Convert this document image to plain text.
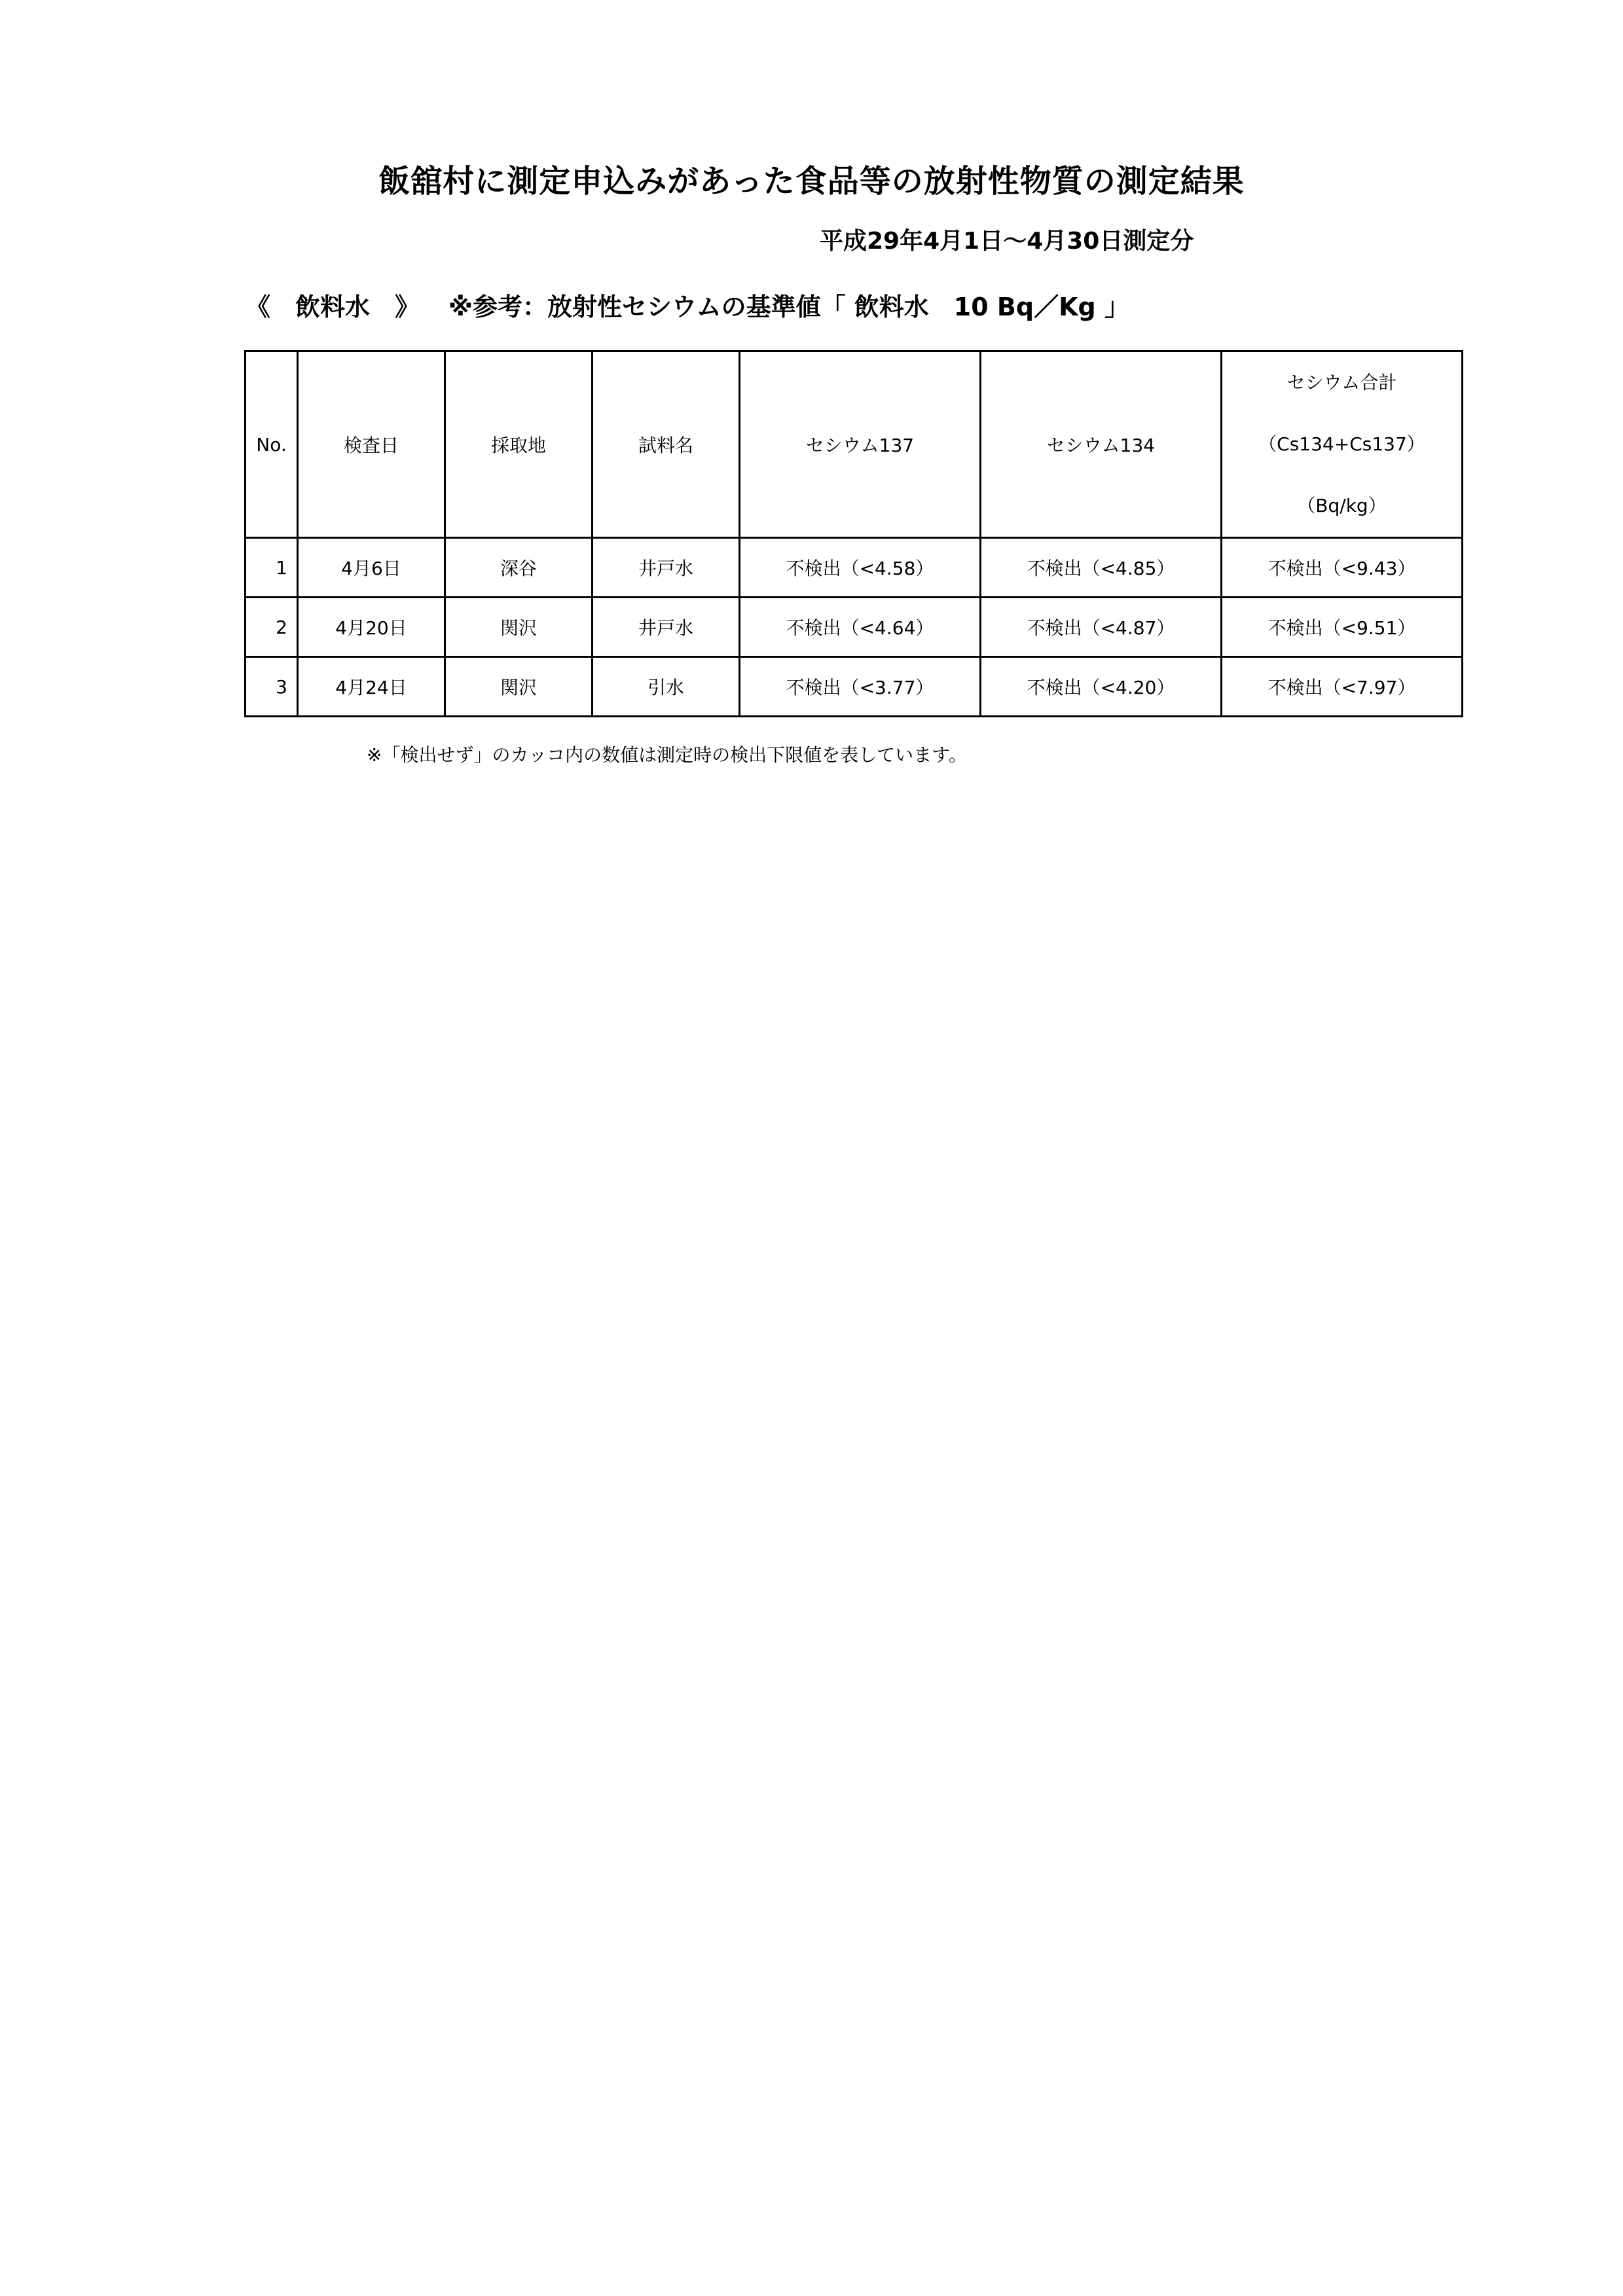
飯舘村に測定申込みがあった食品等の放射性物質の測定結果
平成29年4月1日～4月30日測定分
《　飲料水　》 ※参考：放射性セシウムの基準値「 飲料水　10 Bq／Kg 」
No.	検査日	採取地	試料名	セシウム137	セシウム134	セシウム合計
（Cs134+Cs137）
（Bq/kg）

1	4月6日	深谷	井戸水	不検出（<4.58）	不検出（<4.85）	不検出（<9.43）
2	4月20日	関沢	井戸水	不検出（<4.64）	不検出（<4.87）	不検出（<9.51）
3	4月24日	関沢	引水	不検出（<3.77）	不検出（<4.20）	不検出（<7.97）
※「検出せず」のカッコ内の数値は測定時の検出下限値を表しています。
